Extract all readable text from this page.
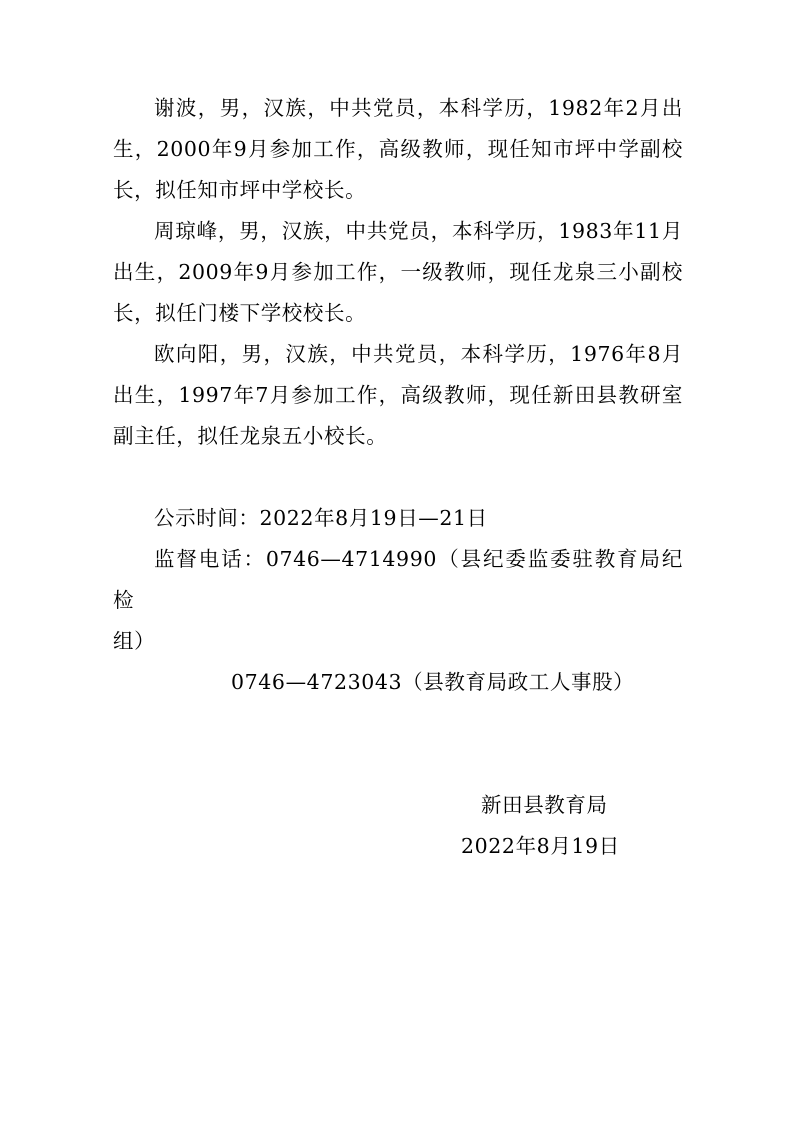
谢波，男，汉族，中共党员，本科学历，1982年2月出生，2000年9月参加工作，高级教师，现任知市坪中学副校长，拟任知市坪中学校长。

周琼峰，男，汉族，中共党员，本科学历，1983年11月出生，2009年9月参加工作，一级教师，现任龙泉三小副校长，拟任门楼下学校校长。

欧向阳，男，汉族，中共党员，本科学历，1976年8月出生，1997年7月参加工作，高级教师，现任新田县教研室副主任，拟任龙泉五小校长。

公示时间：2022年8月19日—21日

监督电话：0746—4714990（县纪委监委驻教育局纪检

组）

0746—4723043（县教育局政工人事股）

新田县教育局

2022年8月19日
